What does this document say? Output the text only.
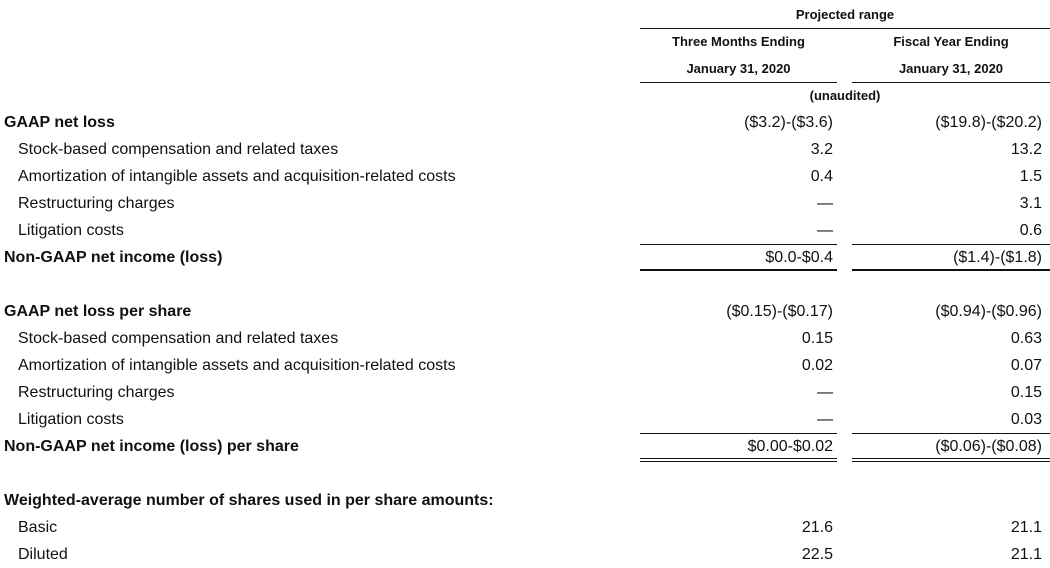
Projected range
Three Months Ending
January 31, 2020
Fiscal Year Ending
January 31, 2020
(unaudited)
GAAP net loss	($3.2)-($3.6)	($19.8)-($20.2)
Stock-based compensation and related taxes	3.2	13.2
Amortization of intangible assets and acquisition-related costs	0.4	1.5
Restructuring charges	—	3.1
Litigation costs	—	0.6
Non-GAAP net income (loss)	$0.0-$0.4	($1.4)-($1.8)
GAAP net loss per share	($0.15)-($0.17)	($0.94)-($0.96)
Stock-based compensation and related taxes	0.15	0.63
Amortization of intangible assets and acquisition-related costs	0.02	0.07
Restructuring charges	—	0.15
Litigation costs	—	0.03
Non-GAAP net income (loss) per share	$0.00-$0.02	($0.06)-($0.08)
Weighted-average number of shares used in per share amounts:
Basic	21.6	21.1
Diluted	22.5	21.1
